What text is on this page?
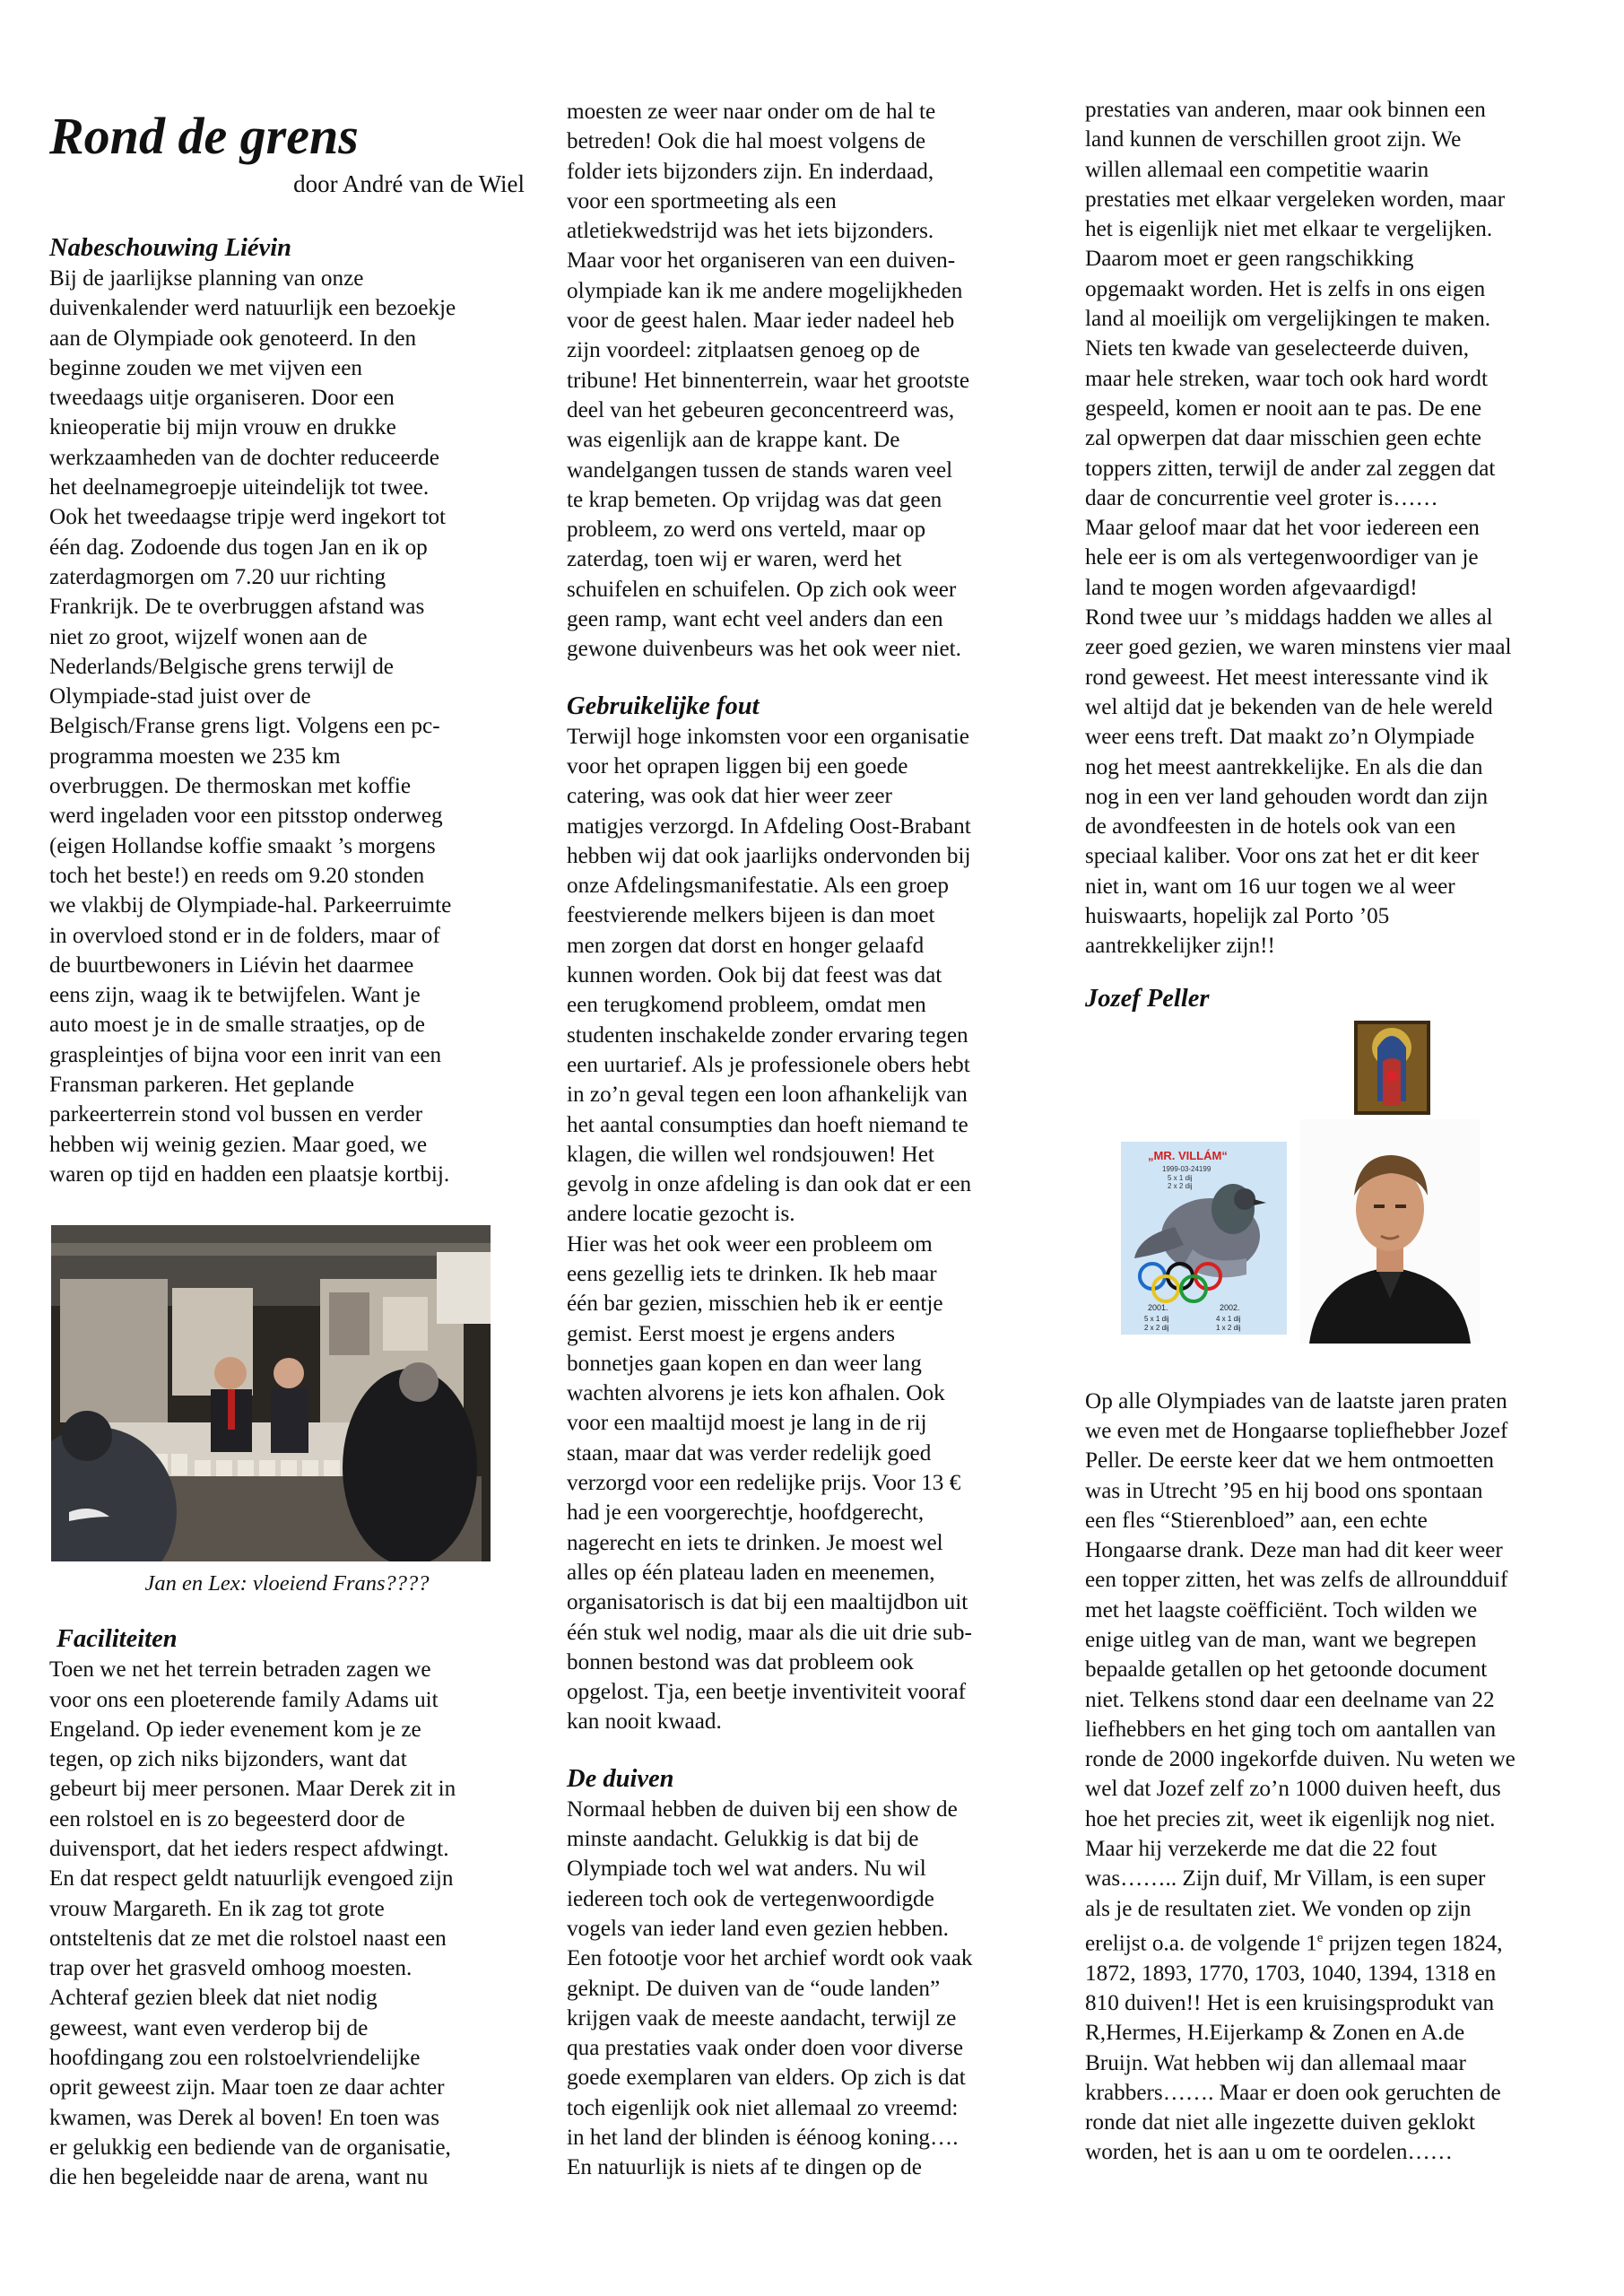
Rond de grens

door André van de Wiel

Nabeschouwing Liévin

Bij de jaarlijkse planning van onze
duivenkalender werd natuurlijk een bezoekje
aan de Olympiade ook genoteerd. In den
beginne zouden we met vijven een
tweedaags uitje organiseren. Door een
knieoperatie bij mijn vrouw en drukke
werkzaamheden van de dochter reduceerde
het deelnamegroepje uiteindelijk tot twee.
Ook het tweedaagse tripje werd ingekort tot
één dag. Zodoende dus togen Jan en ik op
zaterdagmorgen om 7.20 uur richting
Frankrijk. De te overbruggen afstand was
niet zo groot, wijzelf wonen aan de
Nederlands/Belgische grens terwijl de
Olympiade-stad juist over de
Belgisch/Franse grens ligt. Volgens een pc-
programma moesten we 235 km
overbruggen. De thermoskan met koffie
werd ingeladen voor een pitsstop onderweg
(eigen Hollandse koffie smaakt ’s morgens
toch het beste!) en reeds om 9.20 stonden
we vlakbij de Olympiade-hal. Parkeerruimte
in overvloed stond er in de folders, maar of
de buurtbewoners in Liévin het daarmee
eens zijn, waag ik te betwijfelen. Want je
auto moest je in de smalle straatjes, op de
graspleintjes of bijna voor een inrit van een
Fransman parkeren. Het geplande
parkeerterrein stond vol bussen en verder
hebben wij weinig gezien. Maar goed, we
waren op tijd en hadden een plaatsje kortbij.

Jan en Lex: vloeiend Frans????

Faciliteiten

Toen we net het terrein betraden zagen we
voor ons een ploeterende family Adams uit
Engeland. Op ieder evenement kom je ze
tegen, op zich niks bijzonders, want dat
gebeurt bij meer personen. Maar Derek zit in
een rolstoel en is zo begeesterd door de
duivensport, dat het ieders respect afdwingt.
En dat respect geldt natuurlijk evengoed zijn
vrouw Margareth. En ik zag tot grote
ontsteltenis dat ze met die rolstoel naast een
trap over het grasveld omhoog moesten.
Achteraf gezien bleek dat niet nodig
geweest, want even verderop bij de
hoofdingang zou een rolstoelvriendelijke
oprit geweest zijn. Maar toen ze daar achter
kwamen, was Derek al boven! En toen was
er gelukkig een bediende van de organisatie,
die hen begeleidde naar de arena, want nu

moesten ze weer naar onder om de hal te
betreden! Ook die hal moest volgens de
folder iets bijzonders zijn. En inderdaad,
voor een sportmeeting als een
atletiekwedstrijd was het iets bijzonders.
Maar voor het organiseren van een duiven-
olympiade kan ik me andere mogelijkheden
voor de geest halen. Maar ieder nadeel heb
zijn voordeel: zitplaatsen genoeg op de
tribune! Het binnenterrein, waar het grootste
deel van het gebeuren geconcentreerd was,
was eigenlijk aan de krappe kant. De
wandelgangen tussen de stands waren veel
te krap bemeten. Op vrijdag was dat geen
probleem, zo werd ons verteld, maar op
zaterdag, toen wij er waren, werd het
schuifelen en schuifelen. Op zich ook weer
geen ramp, want echt veel anders dan een
gewone duivenbeurs was het ook weer niet.

Gebruikelijke fout

Terwijl hoge inkomsten voor een organisatie
voor het oprapen liggen bij een goede
catering, was ook dat hier weer zeer
matigjes verzorgd. In Afdeling Oost-Brabant
hebben wij dat ook jaarlijks ondervonden bij
onze Afdelingsmanifestatie. Als een groep
feestvierende melkers bijeen is dan moet
men zorgen dat dorst en honger gelaafd
kunnen worden. Ook bij dat feest was dat
een terugkomend probleem, omdat men
studenten inschakelde zonder ervaring tegen
een uurtarief. Als je professionele obers hebt
in zo’n geval tegen een loon afhankelijk van
het aantal consumpties dan hoeft niemand te
klagen, die willen wel rondsjouwen! Het
gevolg in onze afdeling is dan ook dat er een
andere locatie gezocht is.
Hier was het ook weer een probleem om
eens gezellig iets te drinken. Ik heb maar
één bar gezien, misschien heb ik er eentje
gemist. Eerst moest je ergens anders
bonnetjes gaan kopen en dan weer lang
wachten alvorens je iets kon afhalen. Ook
voor een maaltijd moest je lang in de rij
staan, maar dat was verder redelijk goed
verzorgd voor een redelijke prijs. Voor 13 €
had je een voorgerechtje, hoofdgerecht,
nagerecht en iets te drinken. Je moest wel
alles op één plateau laden en meenemen,
organisatorisch is dat bij een maaltijdbon uit
één stuk wel nodig, maar als die uit drie sub-
bonnen bestond was dat probleem ook
opgelost. Tja, een beetje inventiviteit vooraf
kan nooit kwaad.

De duiven

Normaal hebben de duiven bij een show de
minste aandacht. Gelukkig is dat bij de
Olympiade toch wel wat anders. Nu wil
iedereen toch ook de vertegenwoordigde
vogels van ieder land even gezien hebben.
Een fotootje voor het archief wordt ook vaak
geknipt. De duiven van de “oude landen”
krijgen vaak de meeste aandacht, terwijl ze
qua prestaties vaak onder doen voor diverse
goede exemplaren van elders. Op zich is dat
toch eigenlijk ook niet allemaal zo vreemd:
in het land der blinden is éénoog koning….
En natuurlijk is niets af te dingen op de

prestaties van anderen, maar ook binnen een
land kunnen de verschillen groot zijn. We
willen allemaal een competitie waarin
prestaties met elkaar vergeleken worden, maar
het is eigenlijk niet met elkaar te vergelijken.
Daarom moet er geen rangschikking
opgemaakt worden. Het is zelfs in ons eigen
land al moeilijk om vergelijkingen te maken.
Niets ten kwade van geselecteerde duiven,
maar hele streken, waar toch ook hard wordt
gespeeld, komen er nooit aan te pas. De ene
zal opwerpen dat daar misschien geen echte
toppers zitten, terwijl de ander zal zeggen dat
daar de concurrentie veel groter is……
Maar geloof maar dat het voor iedereen een
hele eer is om als vertegenwoordiger van je
land te mogen worden afgevaardigd!
Rond twee uur ’s middags hadden we alles al
zeer goed gezien, we waren minstens vier maal
rond geweest. Het meest interessante vind ik
wel altijd dat je bekenden van de hele wereld
weer eens treft. Dat maakt zo’n Olympiade
nog het meest aantrekkelijke. En als die dan
nog in een ver land gehouden wordt dan zijn
de avondfeesten in de hotels ook van een
speciaal kaliber. Voor ons zat het er dit keer
niet in, want om 16 uur togen we al weer
huiswaarts, hopelijk zal Porto ’05
aantrekkelijker zijn!!

Jozef Peller
„MR. VILLÁM“
1999-03-24199
5 x 1 dij
2 x 2 dij
2001.	2002.
5 x 1 dij
2 x 2 dij
4 x 1 dij
1 x 2 dij

Op alle Olympiades van de laatste jaren praten
we even met de Hongaarse topliefhebber Jozef
Peller. De eerste keer dat we hem ontmoetten
was in Utrecht ’95 en hij bood ons spontaan
een fles “Stierenbloed” aan, een echte
Hongaarse drank. Deze man had dit keer weer
een topper zitten, het was zelfs de allroundduif
met het laagste coëfficiënt. Toch wilden we
enige uitleg van de man, want we begrepen
bepaalde getallen op het getoonde document
niet. Telkens stond daar een deelname van 22
liefhebbers en het ging toch om aantallen van
ronde de 2000 ingekorfde duiven. Nu weten we
wel dat Jozef zelf zo’n 1000 duiven heeft, dus
hoe het precies zit, weet ik eigenlijk nog niet.
Maar hij verzekerde me dat die 22 fout
was…….. Zijn duif, Mr Villam, is een super
als je de resultaten ziet. We vonden op zijn
erelijst o.a. de volgende 1e prijzen tegen 1824,
1872, 1893, 1770, 1703, 1040, 1394, 1318 en
810 duiven!! Het is een kruisingsprodukt van
R,Hermes, H.Eijerkamp & Zonen en A.de
Bruijn. Wat hebben wij dan allemaal maar
krabbers……. Maar er doen ook geruchten de
ronde dat niet alle ingezette duiven geklokt
worden, het is aan u om te oordelen……
